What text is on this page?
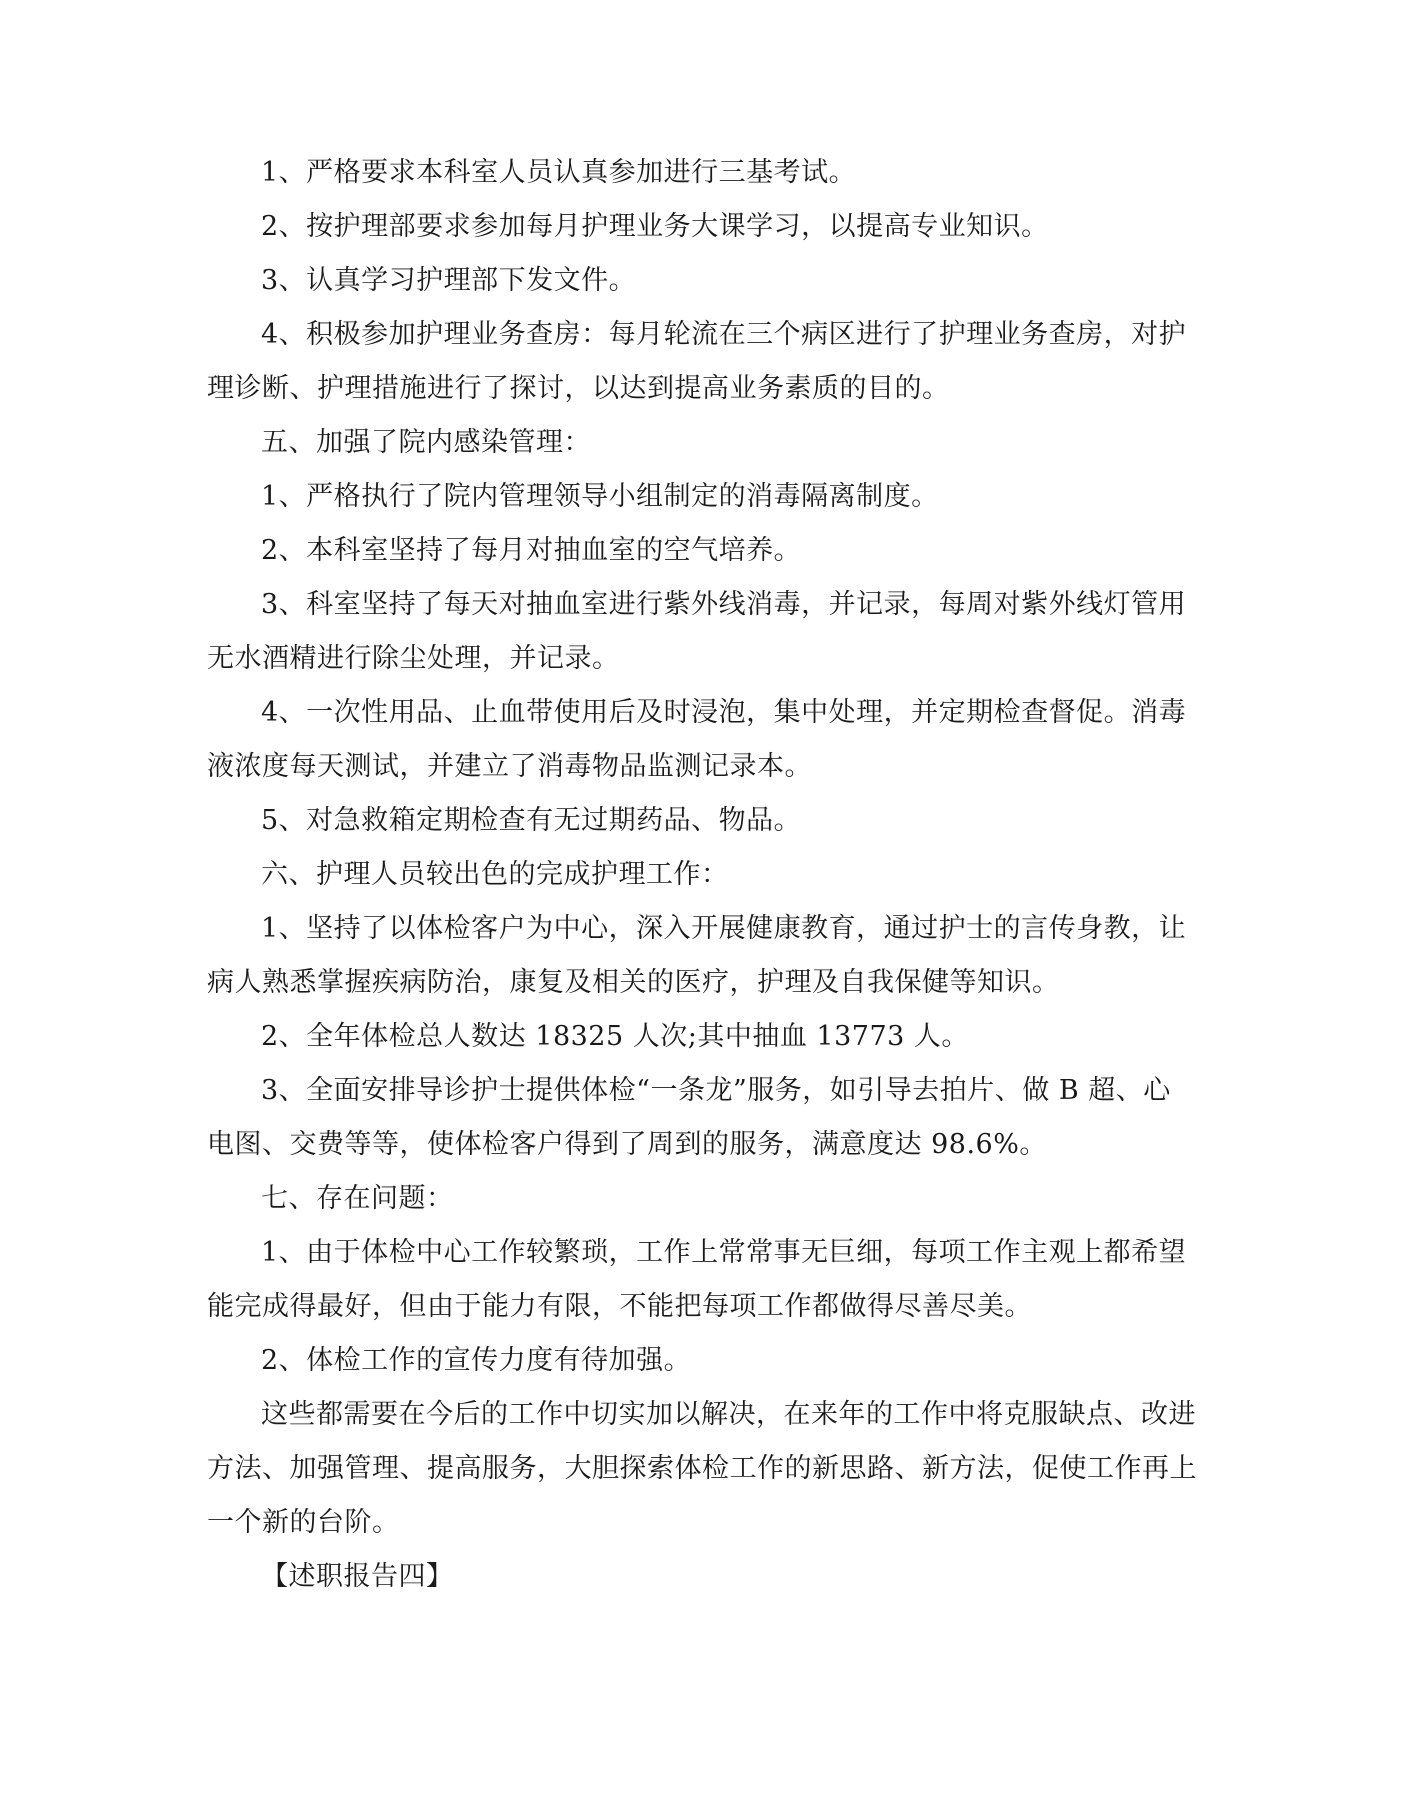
1、严格要求本科室人员认真参加进行三基考试。

2、按护理部要求参加每月护理业务大课学习，以提高专业知识。

3、认真学习护理部下发文件。

4、积极参加护理业务查房：每月轮流在三个病区进行了护理业务查房，对护理诊断、护理措施进行了探讨，以达到提高业务素质的目的。

五、加强了院内感染管理：

1、严格执行了院内管理领导小组制定的消毒隔离制度。

2、本科室坚持了每月对抽血室的空气培养。

3、科室坚持了每天对抽血室进行紫外线消毒，并记录，每周对紫外线灯管用无水酒精进行除尘处理，并记录。

4、一次性用品、止血带使用后及时浸泡，集中处理，并定期检查督促。消毒液浓度每天测试，并建立了消毒物品监测记录本。

5、对急救箱定期检查有无过期药品、物品。

六、护理人员较出色的完成护理工作：

1、坚持了以体检客户为中心，深入开展健康教育，通过护士的言传身教，让病人熟悉掌握疾病防治，康复及相关的医疗，护理及自我保健等知识。

2、全年体检总人数达 18325 人次;其中抽血 13773 人。

3、全面安排导诊护士提供体检“一条龙”服务，如引导去拍片、做 B 超、心电图、交费等等，使体检客户得到了周到的服务，满意度达 98.6%。

七、存在问题：

1、由于体检中心工作较繁琐，工作上常常事无巨细，每项工作主观上都希望能完成得最好，但由于能力有限，不能把每项工作都做得尽善尽美。

2、体检工作的宣传力度有待加强。

这些都需要在今后的工作中切实加以解决，在来年的工作中将克服缺点、改进方法、加强管理、提高服务，大胆探索体检工作的新思路、新方法，促使工作再上一个新的台阶。

【述职报告四】
